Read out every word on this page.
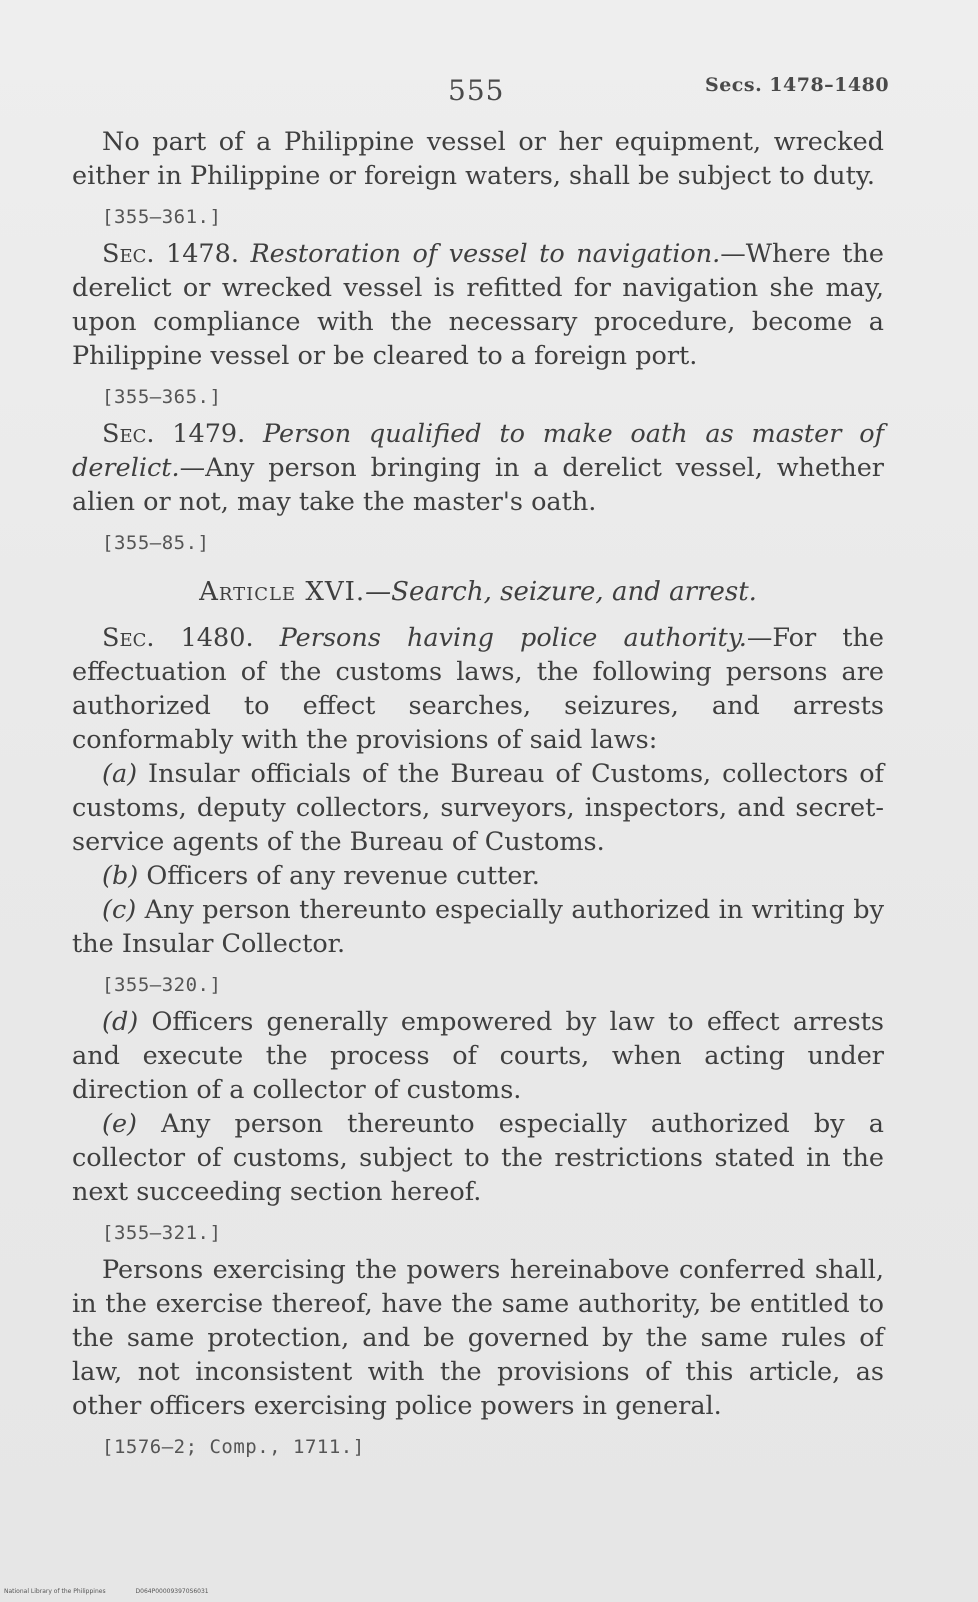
555	Secs. 1478–1480

No part of a Philippine vessel or her equipment, wrecked either in Philippine or foreign waters, shall be subject to duty.

[355—361.]

Sec. 1478. Restoration of vessel to navigation.—Where the derelict or wrecked vessel is refitted for navigation she may, upon compliance with the necessary procedure, become a Philippine vessel or be cleared to a foreign port.

[355—365.]

Sec. 1479. Person qualified to make oath as master of derelict.—Any person bringing in a derelict vessel, whether alien or not, may take the master's oath.

[355—85.]

Article XVI.—Search, seizure, and arrest.

Sec. 1480. Persons having police authority.—For the effectuation of the customs laws, the following persons are authorized to effect searches, seizures, and arrests conformably with the provisions of said laws:

(a) Insular officials of the Bureau of Customs, collectors of customs, deputy collectors, surveyors, inspectors, and secret-service agents of the Bureau of Customs.

(b) Officers of any revenue cutter.

(c) Any person thereunto especially authorized in writing by the Insular Collector.

[355—320.]

(d) Officers generally empowered by law to effect arrests and execute the process of courts, when acting under direction of a collector of customs.

(e) Any person thereunto especially authorized by a collector of customs, subject to the restrictions stated in the next succeeding section hereof.

[355—321.]

Persons exercising the powers hereinabove conferred shall, in the exercise thereof, have the same authority, be entitled to the same protection, and be governed by the same rules of law, not inconsistent with the provisions of this article, as other officers exercising police powers in general.

[1576—2; Comp., 1711.]

National Library of the Philippines	D064P000093970S6031
